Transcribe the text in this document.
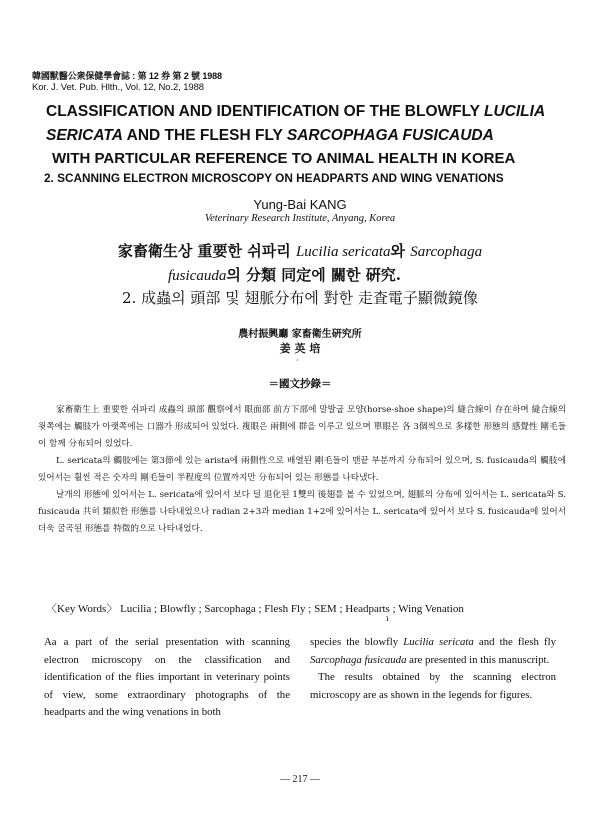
韓國獸醫公衆保健學會誌 : 第 12 券 第 2 號 1988
Kor. J. Vet. Pub. Hlth., Vol. 12, No.2, 1988
CLASSIFICATION AND IDENTIFICATION OF THE BLOWFLY LUCILIA
SERICATA AND THE FLESH FLY SARCOPHAGA FUSICAUDA
WITH PARTICULAR REFERENCE TO ANIMAL HEALTH IN KOREA
2. SCANNING ELECTRON MICROSCOPY ON HEADPARTS AND WING VENATIONS
Yung-Bai KANG
Veterinary Research Institute, Anyang, Korea
家畜衛生상 重要한 쉬파리 Lucilia sericata와 Sarcophaga
fusicauda의 分類 同定에 關한 硏究.
2. 成蟲의 頭部 및 翅脈分布에 對한 走査電子顯微鏡像
農村振興廳 家畜衛生硏究所
姜 英 培
·
＝國文抄錄＝

家畜衛生上 重要한 쉬파리 成蟲의 頭部 觀察에서 眼面部 前方下部에 말발굽 모양(horse-shoe shape)의 縫合線이 存在하며 縫合線의 윗쪽에는 觸肢가 아랫쪽에는 口器가 形成되어 있었다. 複眼은 兩側에 群을 이루고 있으며 單眼은 各 3個씩으로 多樣한 形態의 感覺性 剛毛들이 함께 分布되어 있었다.

L. sericata의 觸肢에는 第3節에 있는 arista에 兩側性으로 배열된 剛毛들이 맨끝 부분까지 分布되어 있으며, S. fusicauda의 觸肢에 있어서는 훨씬 적은 숫자의 剛毛들이 半程度의 位置까지만 分布되어 있는 形態를 나타냈다.

날개의 形態에 있어서는 L. sericata에 있어서 보다 덜 退化된 1雙의 後翅를 볼 수 있었으며, 翅脈의 分布에 있어서는 L. sericata와 S. fusicauda 共히 類似한 形態를 나타내었으나 radian 2+3과 median 1+2에 있어서는 L. sericata에 있어서 보다 S. fusicauda에 있어서 더욱 굴곡된 形態를 特徵的으로 나타내었다.

〈Key Words〉 Lucilia ; Blowfly ; Sarcophaga ; Flesh Fly ; SEM ; Headparts ; Wing Venation
ı

Aa a part of the serial presentation with scanning electron microscopy on the classification and identification of the flies important in veterinary points of view, some extraordinary photographs of the headparts and the wing venations in both

species the blowfly Lucilia sericata and the flesh fly Sarcophaga fusicauda are presented in this manuscript.

The results obtained by the scanning electron microscopy are as shown in the legends for figures.

— 217 —
